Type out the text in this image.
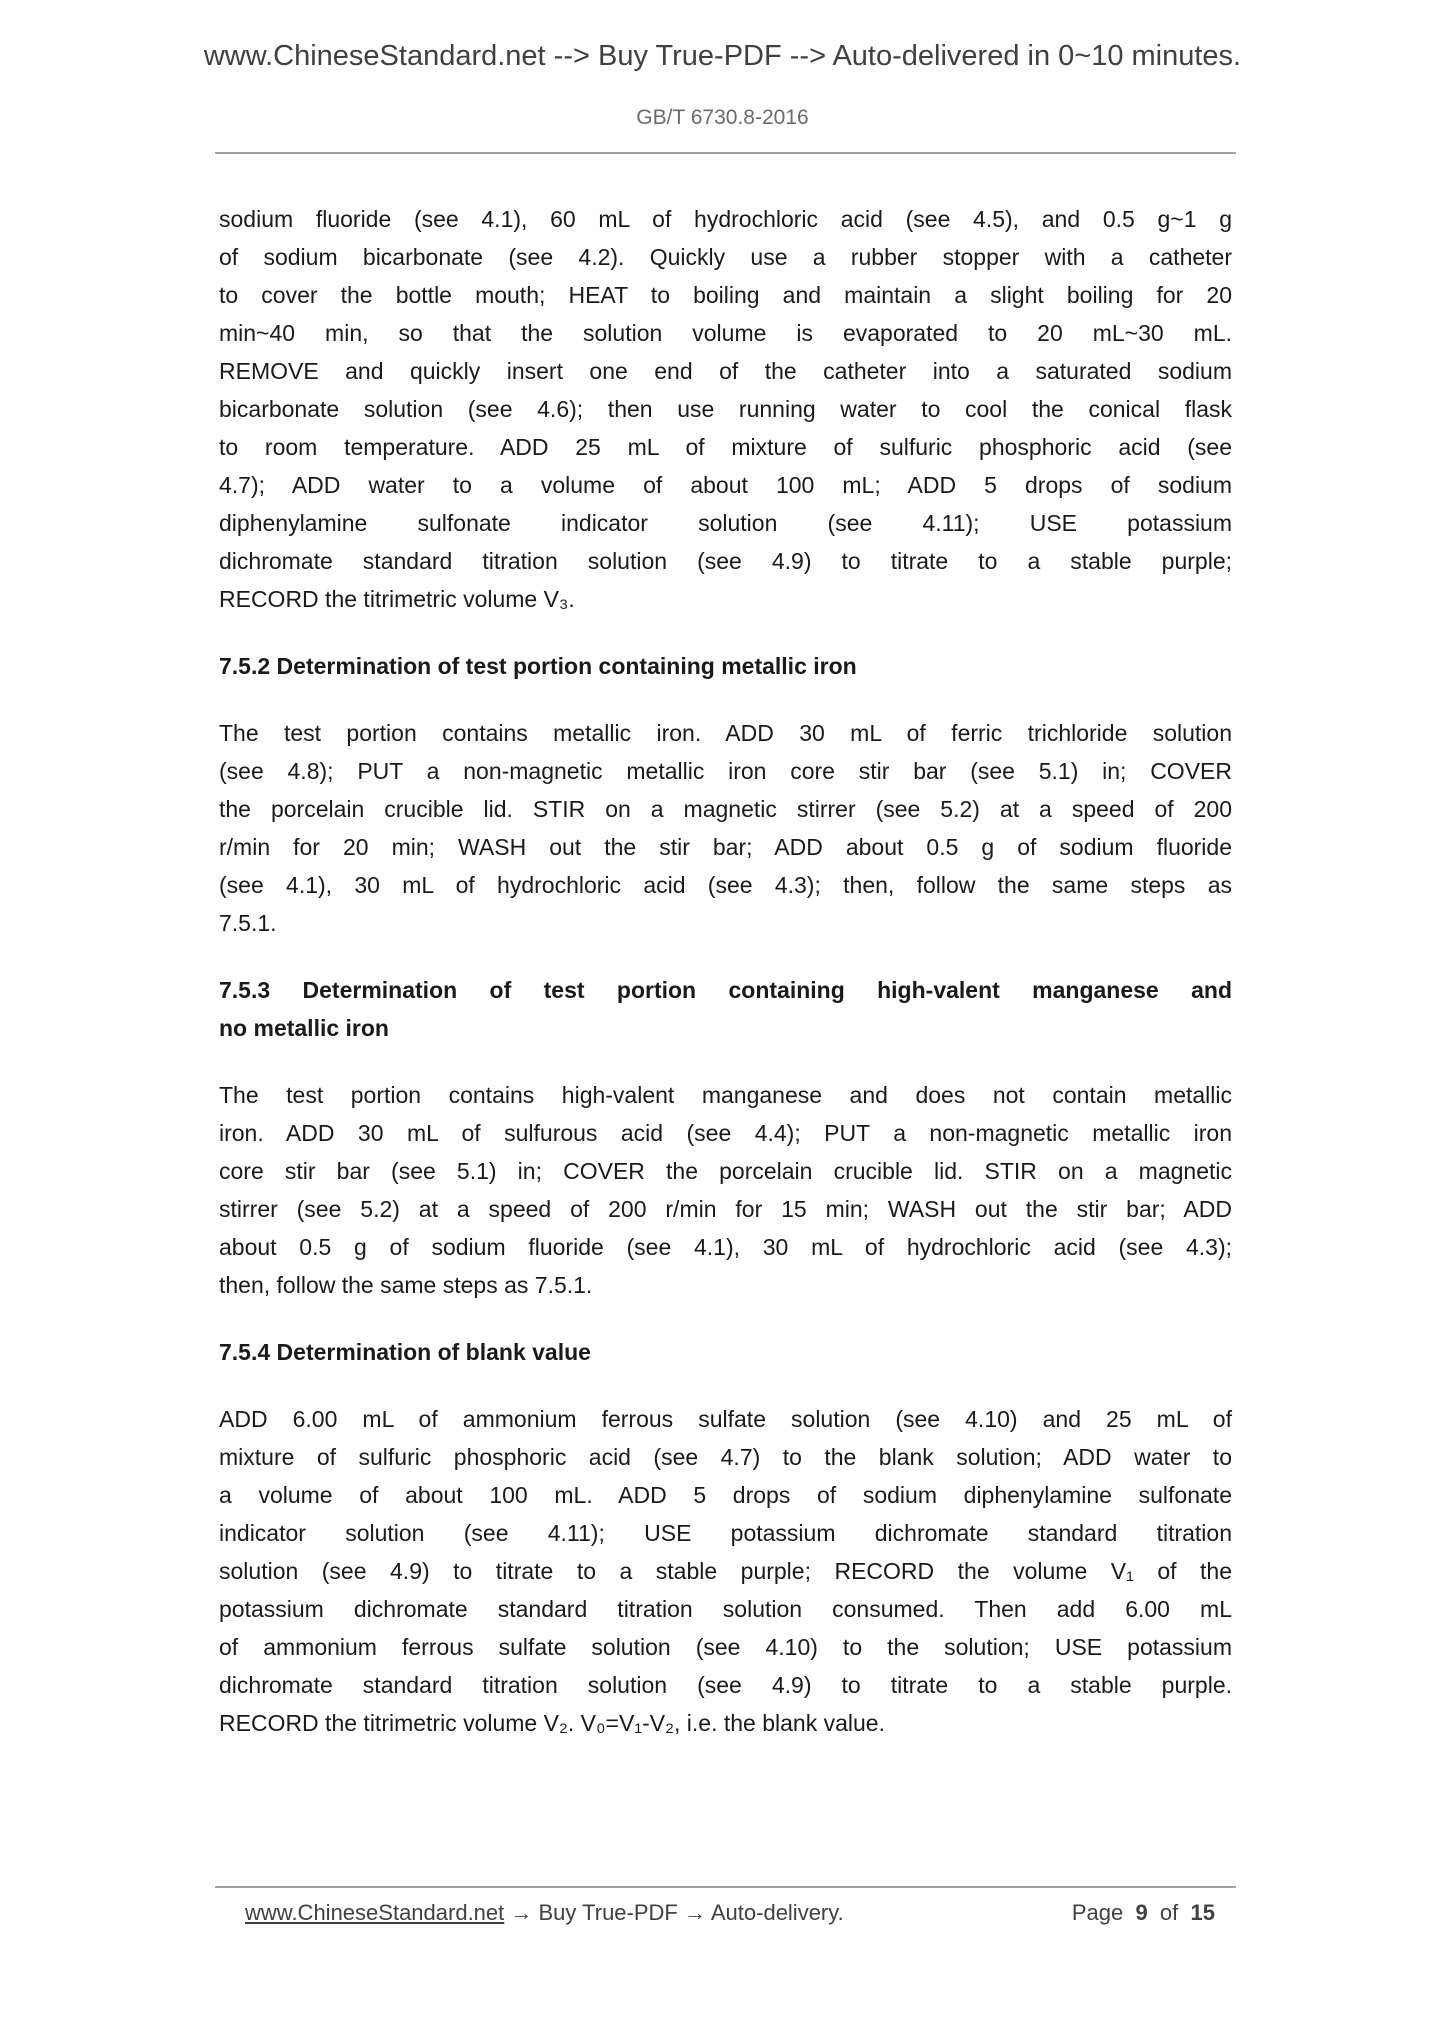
www.ChineseStandard.net --> Buy True-PDF --> Auto-delivered in 0~10 minutes.
GB/T 6730.8-2016
sodium fluoride (see 4.1), 60 mL of hydrochloric acid (see 4.5), and 0.5 g~1 g
of sodium bicarbonate (see 4.2). Quickly use a rubber stopper with a catheter
to cover the bottle mouth; HEAT to boiling and maintain a slight boiling for 20
min~40 min, so that the solution volume is evaporated to 20 mL~30 mL.
REMOVE and quickly insert one end of the catheter into a saturated sodium
bicarbonate solution (see 4.6); then use running water to cool the conical flask
to room temperature. ADD 25 mL of mixture of sulfuric phosphoric acid (see
4.7); ADD water to a volume of about 100 mL; ADD 5 drops of sodium
diphenylamine sulfonate indicator solution (see 4.11); USE potassium
dichromate standard titration solution (see 4.9) to titrate to a stable purple;
RECORD the titrimetric volume V₃.
7.5.2 Determination of test portion containing metallic iron
The test portion contains metallic iron. ADD 30 mL of ferric trichloride solution
(see 4.8); PUT a non-magnetic metallic iron core stir bar (see 5.1) in; COVER
the porcelain crucible lid. STIR on a magnetic stirrer (see 5.2) at a speed of 200
r/min for 20 min; WASH out the stir bar; ADD about 0.5 g of sodium fluoride
(see 4.1), 30 mL of hydrochloric acid (see 4.3); then, follow the same steps as
7.5.1.
7.5.3 Determination of test portion containing high-valent manganese and
no metallic iron
The test portion contains high-valent manganese and does not contain metallic
iron. ADD 30 mL of sulfurous acid (see 4.4); PUT a non-magnetic metallic iron
core stir bar (see 5.1) in; COVER the porcelain crucible lid. STIR on a magnetic
stirrer (see 5.2) at a speed of 200 r/min for 15 min; WASH out the stir bar; ADD
about 0.5 g of sodium fluoride (see 4.1), 30 mL of hydrochloric acid (see 4.3);
then, follow the same steps as 7.5.1.
7.5.4 Determination of blank value
ADD 6.00 mL of ammonium ferrous sulfate solution (see 4.10) and 25 mL of
mixture of sulfuric phosphoric acid (see 4.7) to the blank solution; ADD water to
a volume of about 100 mL. ADD 5 drops of sodium diphenylamine sulfonate
indicator solution (see 4.11); USE potassium dichromate standard titration
solution (see 4.9) to titrate to a stable purple; RECORD the volume V₁ of the
potassium dichromate standard titration solution consumed. Then add 6.00 mL
of ammonium ferrous sulfate solution (see 4.10) to the solution; USE potassium
dichromate standard titration solution (see 4.9) to titrate to a stable purple.
RECORD the titrimetric volume V₂. V₀=V₁-V₂, i.e. the blank value.
www.ChineseStandard.net → Buy True-PDF → Auto-delivery.	Page 9 of 15
